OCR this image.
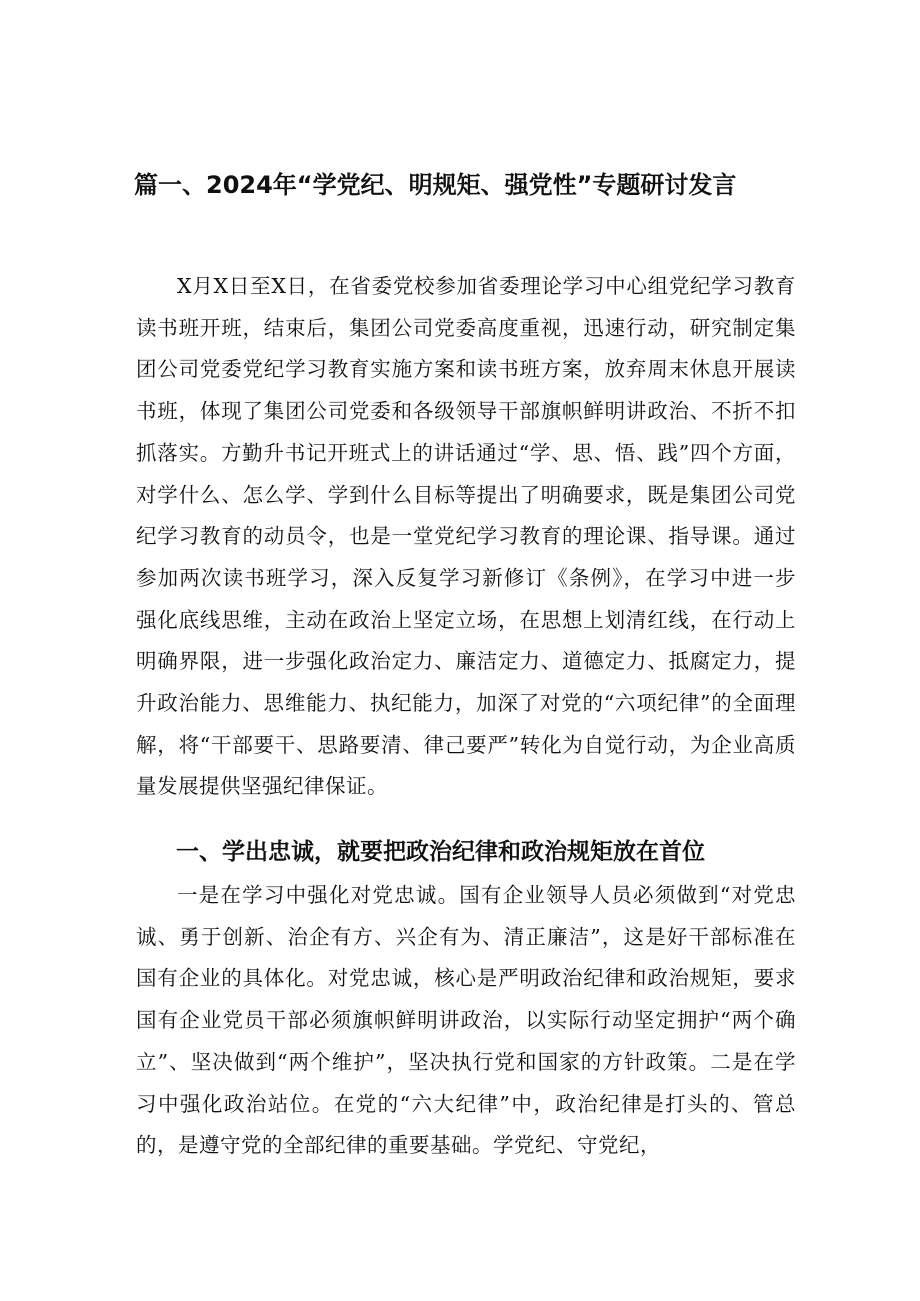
篇一、2024年“学党纪、明规矩、强党性”专题研讨发言

X月X日至X日，在省委党校参加省委理论学习中心组党纪学习教育读书班开班，结束后，集团公司党委高度重视，迅速行动，研究制定集团公司党委党纪学习教育实施方案和读书班方案，放弃周末休息开展读书班，体现了集团公司党委和各级领导干部旗帜鲜明讲政治、不折不扣抓落实。方勤升书记开班式上的讲话通过“学、思、悟、践”四个方面，对学什么、怎么学、学到什么目标等提出了明确要求，既是集团公司党纪学习教育的动员令，也是一堂党纪学习教育的理论课、指导课。通过参加两次读书班学习，深入反复学习新修订《条例》，在学习中进一步强化底线思维，主动在政治上坚定立场，在思想上划清红线，在行动上明确界限，进一步强化政治定力、廉洁定力、道德定力、抵腐定力，提升政治能力、思维能力、执纪能力，加深了对党的“六项纪律”的全面理解，将“干部要干、思路要清、律己要严”转化为自觉行动，为企业高质量发展提供坚强纪律保证。

一、学出忠诚，就要把政治纪律和政治规矩放在首位

一是在学习中强化对党忠诚。国有企业领导人员必须做到“对党忠诚、勇于创新、治企有方、兴企有为、清正廉洁”，这是好干部标准在国有企业的具体化。对党忠诚，核心是严明政治纪律和政治规矩，要求国有企业党员干部必须旗帜鲜明讲政治，以实际行动坚定拥护“两个确立”、坚决做到“两个维护”，坚决执行党和国家的方针政策。二是在学习中强化政治站位。在党的“六大纪律”中，政治纪律是打头的、管总的，是遵守党的全部纪律的重要基础。学党纪、守党纪，
